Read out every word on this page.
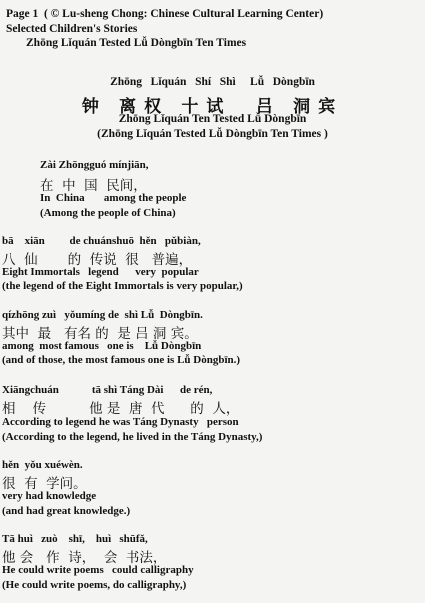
Page 1  ( © Lu-sheng Chong: Chinese Cultural Learning Center)
Selected Children's Stories
Zhōng Lǐquán Tested Lǚ Dòngbīn Ten Times
Zhōng   Lǐquán   Shí   Shì     Lǚ   Dòngbīn
钟 离权 十试  吕 洞宾
Zhōng Lǐquán Ten Tested Lǚ Dòngbīn
(Zhōng Lǐquán Tested Lǚ Dòngbīn Ten Times )
Zài Zhōngguó mínjiān,
在  中  国  民间，
In  China       among the people
(Among the people of China)
bā    xiān         de chuánshuō  hěn   pǔbiàn,
八  仙       的  传说  很   普遍，
Eight Immortals   legend      very  popular
(the legend of the Eight Immortals is very popular,)
qízhōng zuì   yǒumíng de  shì Lǚ  Dòngbīn.
其中  最   有名 的  是 吕 洞 宾。
among  most famous   one is    Lǚ Dòngbīn
(and of those, the most famous one is Lǚ Dòngbīn.)
Xiāngchuán            tā shì Táng Dài      de rén,
相    传          他 是  唐  代      的  人，
According to legend he was Táng Dynasty   person
(According to the legend, he lived in the Táng Dynasty,)
hěn  yǒu xuéwèn.
很  有  学问。
very had knowledge
(and had great knowledge.)
Tā huì   zuò    shī,    huì   shūfǎ,
他 会   作  诗，  会  书法，
He could write poems   could calligraphy
(He could write poems, do calligraphy,)
